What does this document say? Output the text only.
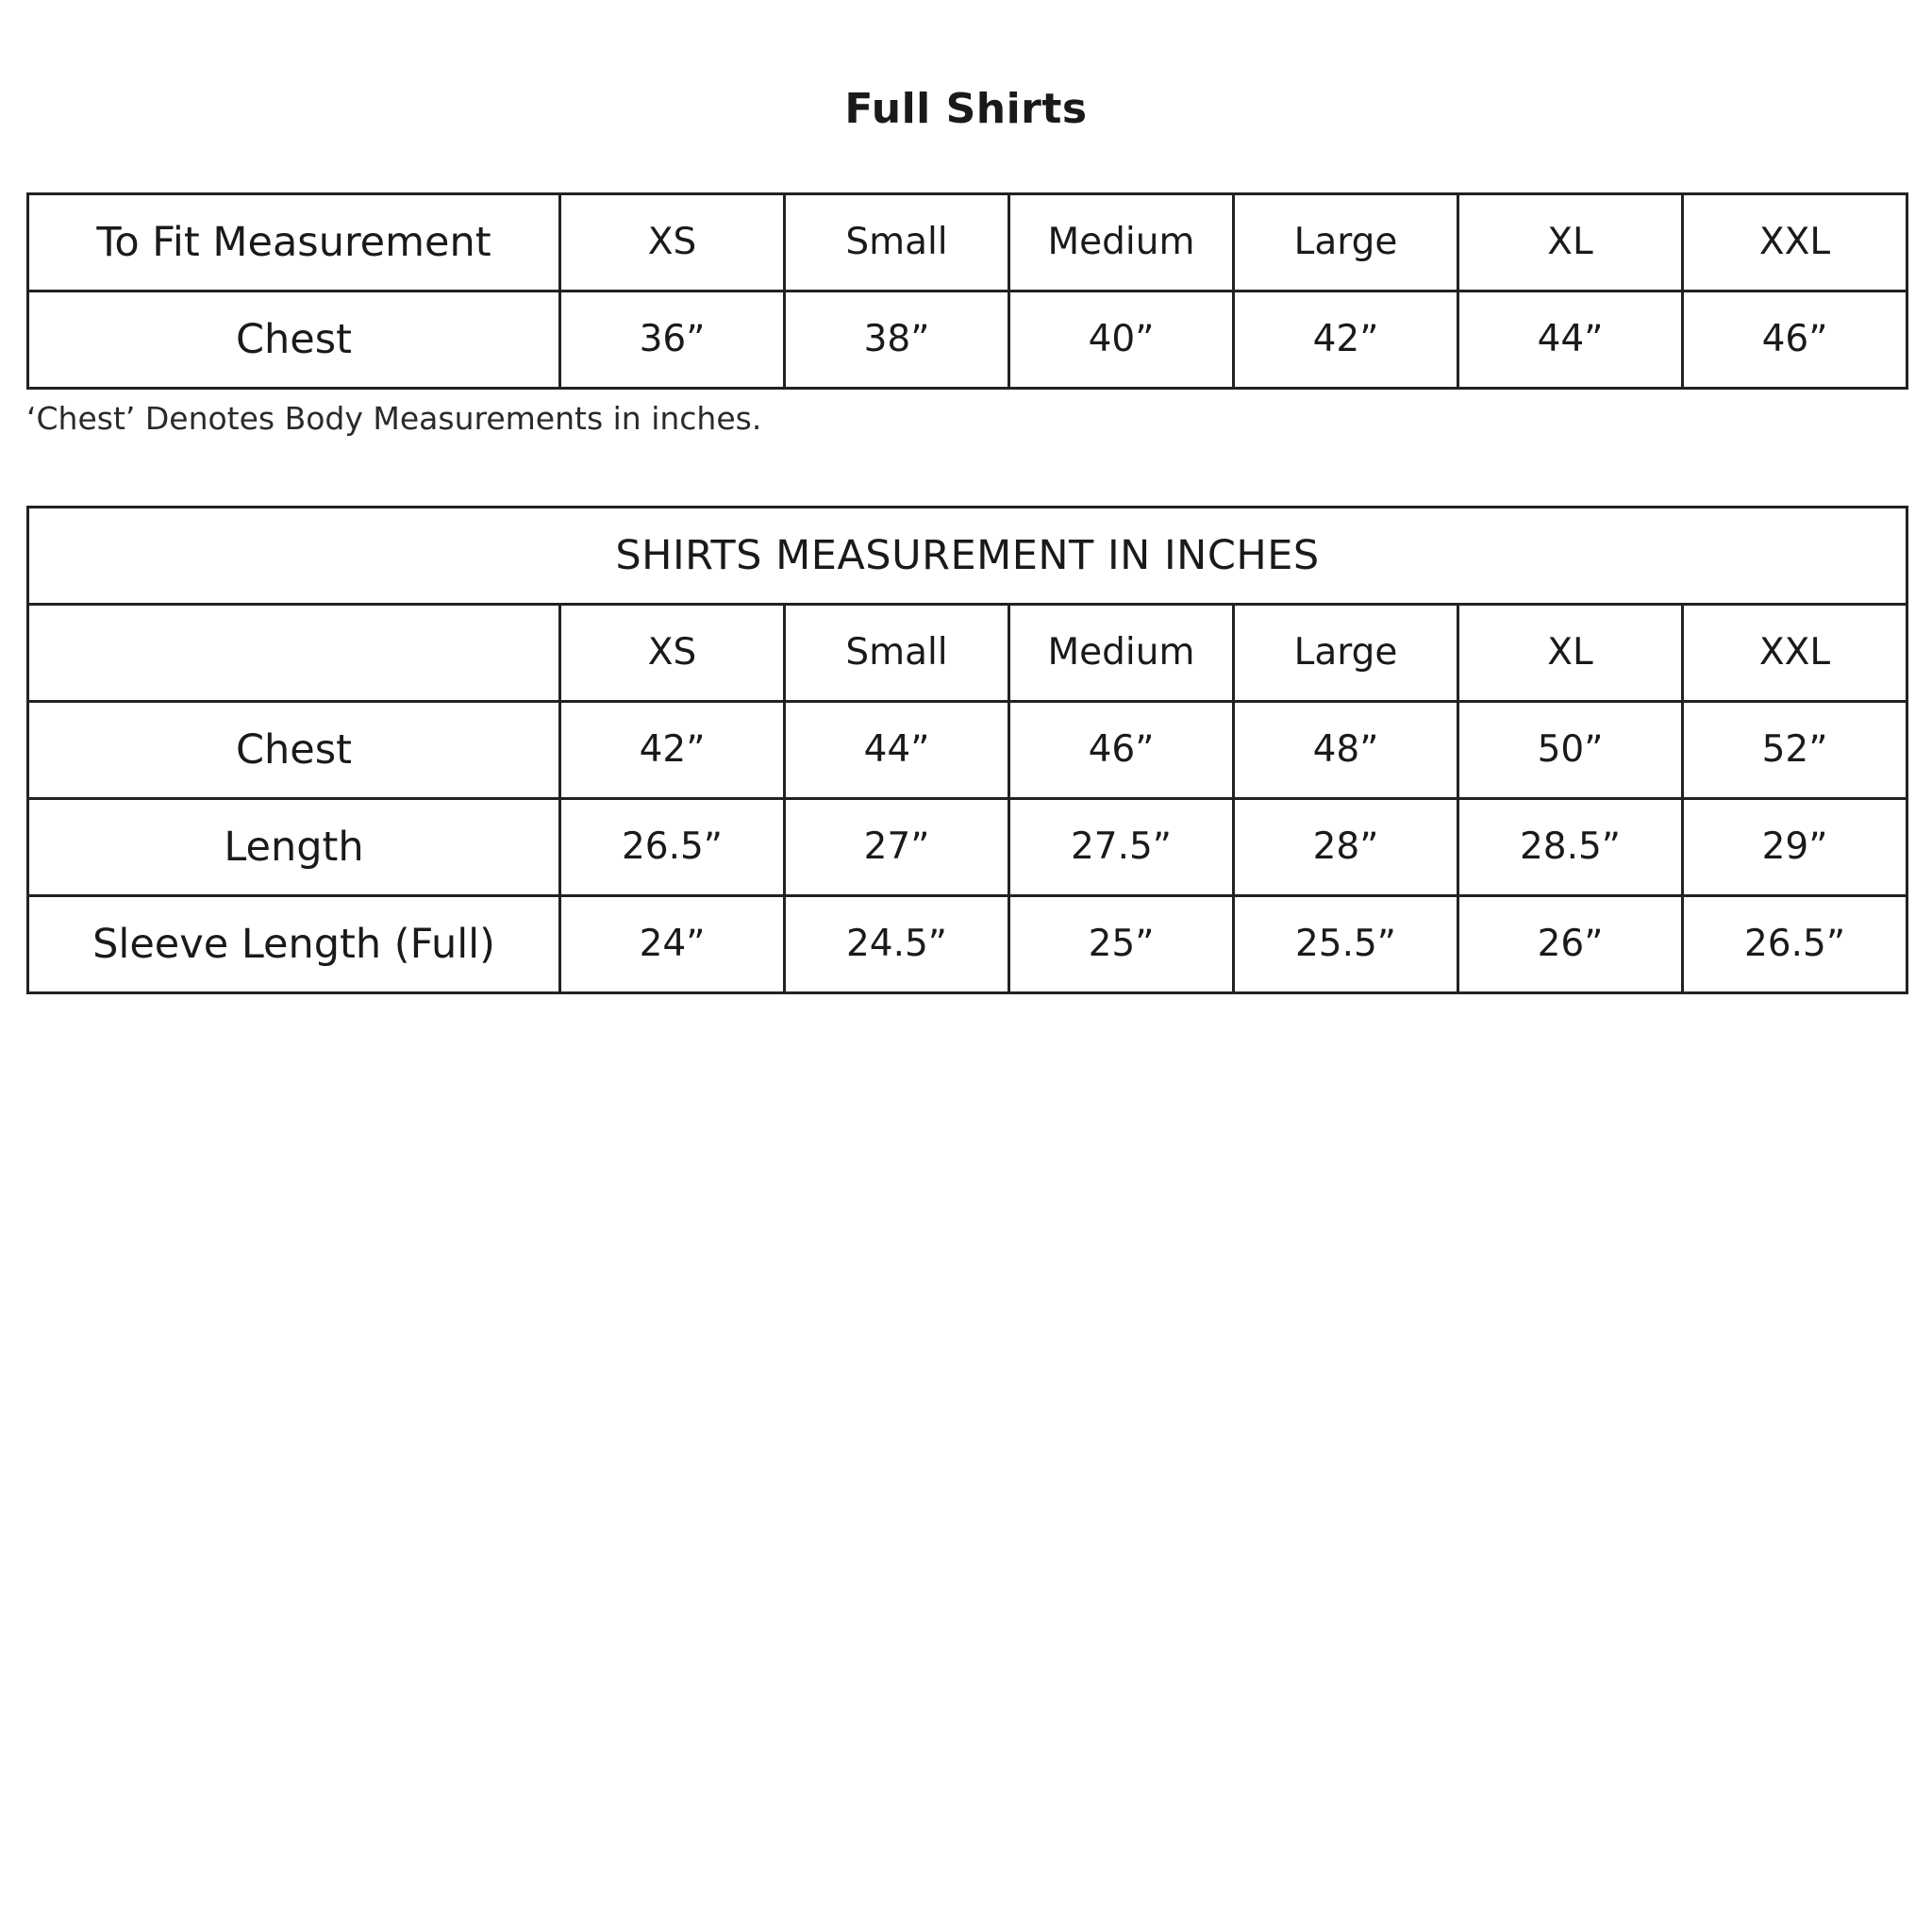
Full Shirts
To Fit Measurement	XS	Small	Medium	Large	XL	XXL
Chest	36”	38”	40”	42”	44”	46”
‘Chest’ Denotes Body Measurements in inches.
SHIRTS MEASUREMENT IN INCHES						
	XS	Small	Medium	Large	XL	XXL
Chest	42”	44”	46”	48”	50”	52”
Length	26.5”	27”	27.5”	28”	28.5”	29”
Sleeve Length (Full)	24”	24.5”	25”	25.5”	26”	26.5”
